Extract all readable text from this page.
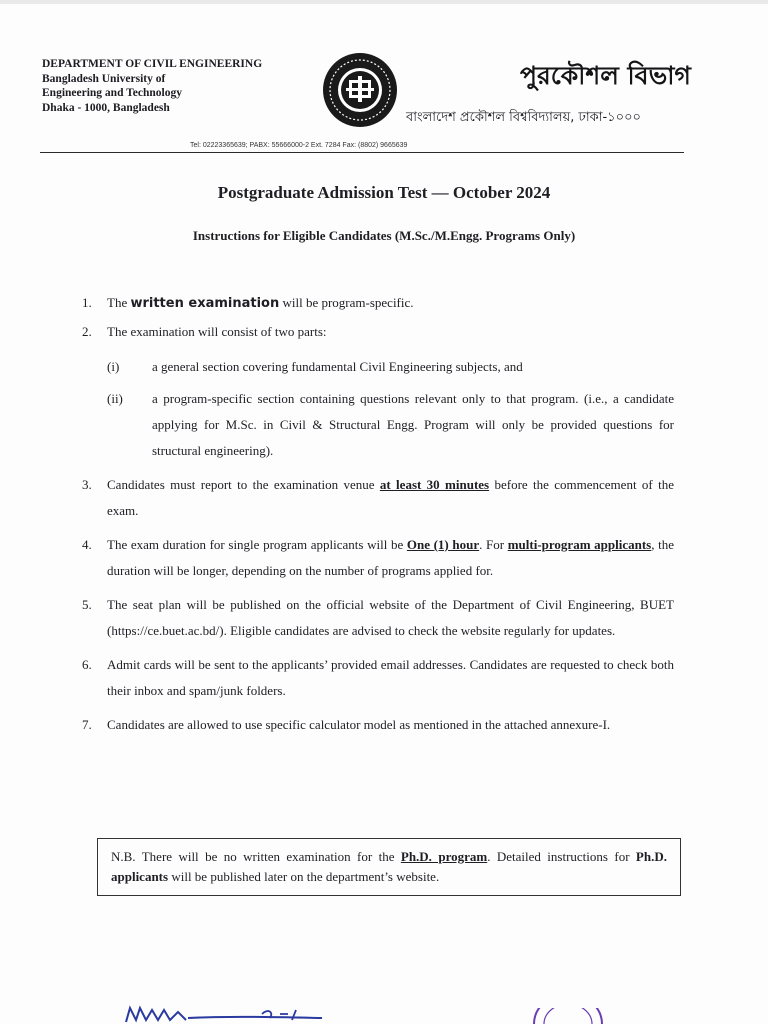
DEPARTMENT OF CIVIL ENGINEERING
Bangladesh University of
Engineering and Technology
Dhaka - 1000, Bangladesh
পুরকৌশল বিভাগ
বাংলাদেশ প্রকৌশল বিশ্ববিদ্যালয়, ঢাকা-১০০০
Tel: 02223365639; PABX: 55666000-2 Ext. 7284 Fax: (8802) 9665639
Postgraduate Admission Test — October 2024
Instructions for Eligible Candidates (M.Sc./M.Engg. Programs Only)
1. The written examination will be program-specific.
2. The examination will consist of two parts:
(i)	a general section covering fundamental Civil Engineering subjects, and
(ii) a program-specific section containing questions relevant only to that program. (i.e., a candidate applying for M.Sc. in Civil & Structural Engg. Program will only be provided questions for structural engineering).
3. Candidates must report to the examination venue at least 30 minutes before the commencement of the exam.
4. The exam duration for single program applicants will be One (1) hour. For multi-program applicants, the duration will be longer, depending on the number of programs applied for.
5. The seat plan will be published on the official website of the Department of Civil Engineering, BUET (https://ce.buet.ac.bd/). Eligible candidates are advised to check the website regularly for updates.
6. Admit cards will be sent to the applicants’ provided email addresses. Candidates are requested to check both their inbox and spam/junk folders.
7. Candidates are allowed to use specific calculator model as mentioned in the attached annexure-I.
N.B. There will be no written examination for the Ph.D. program. Detailed instructions for Ph.D. applicants will be published later on the department’s website.
